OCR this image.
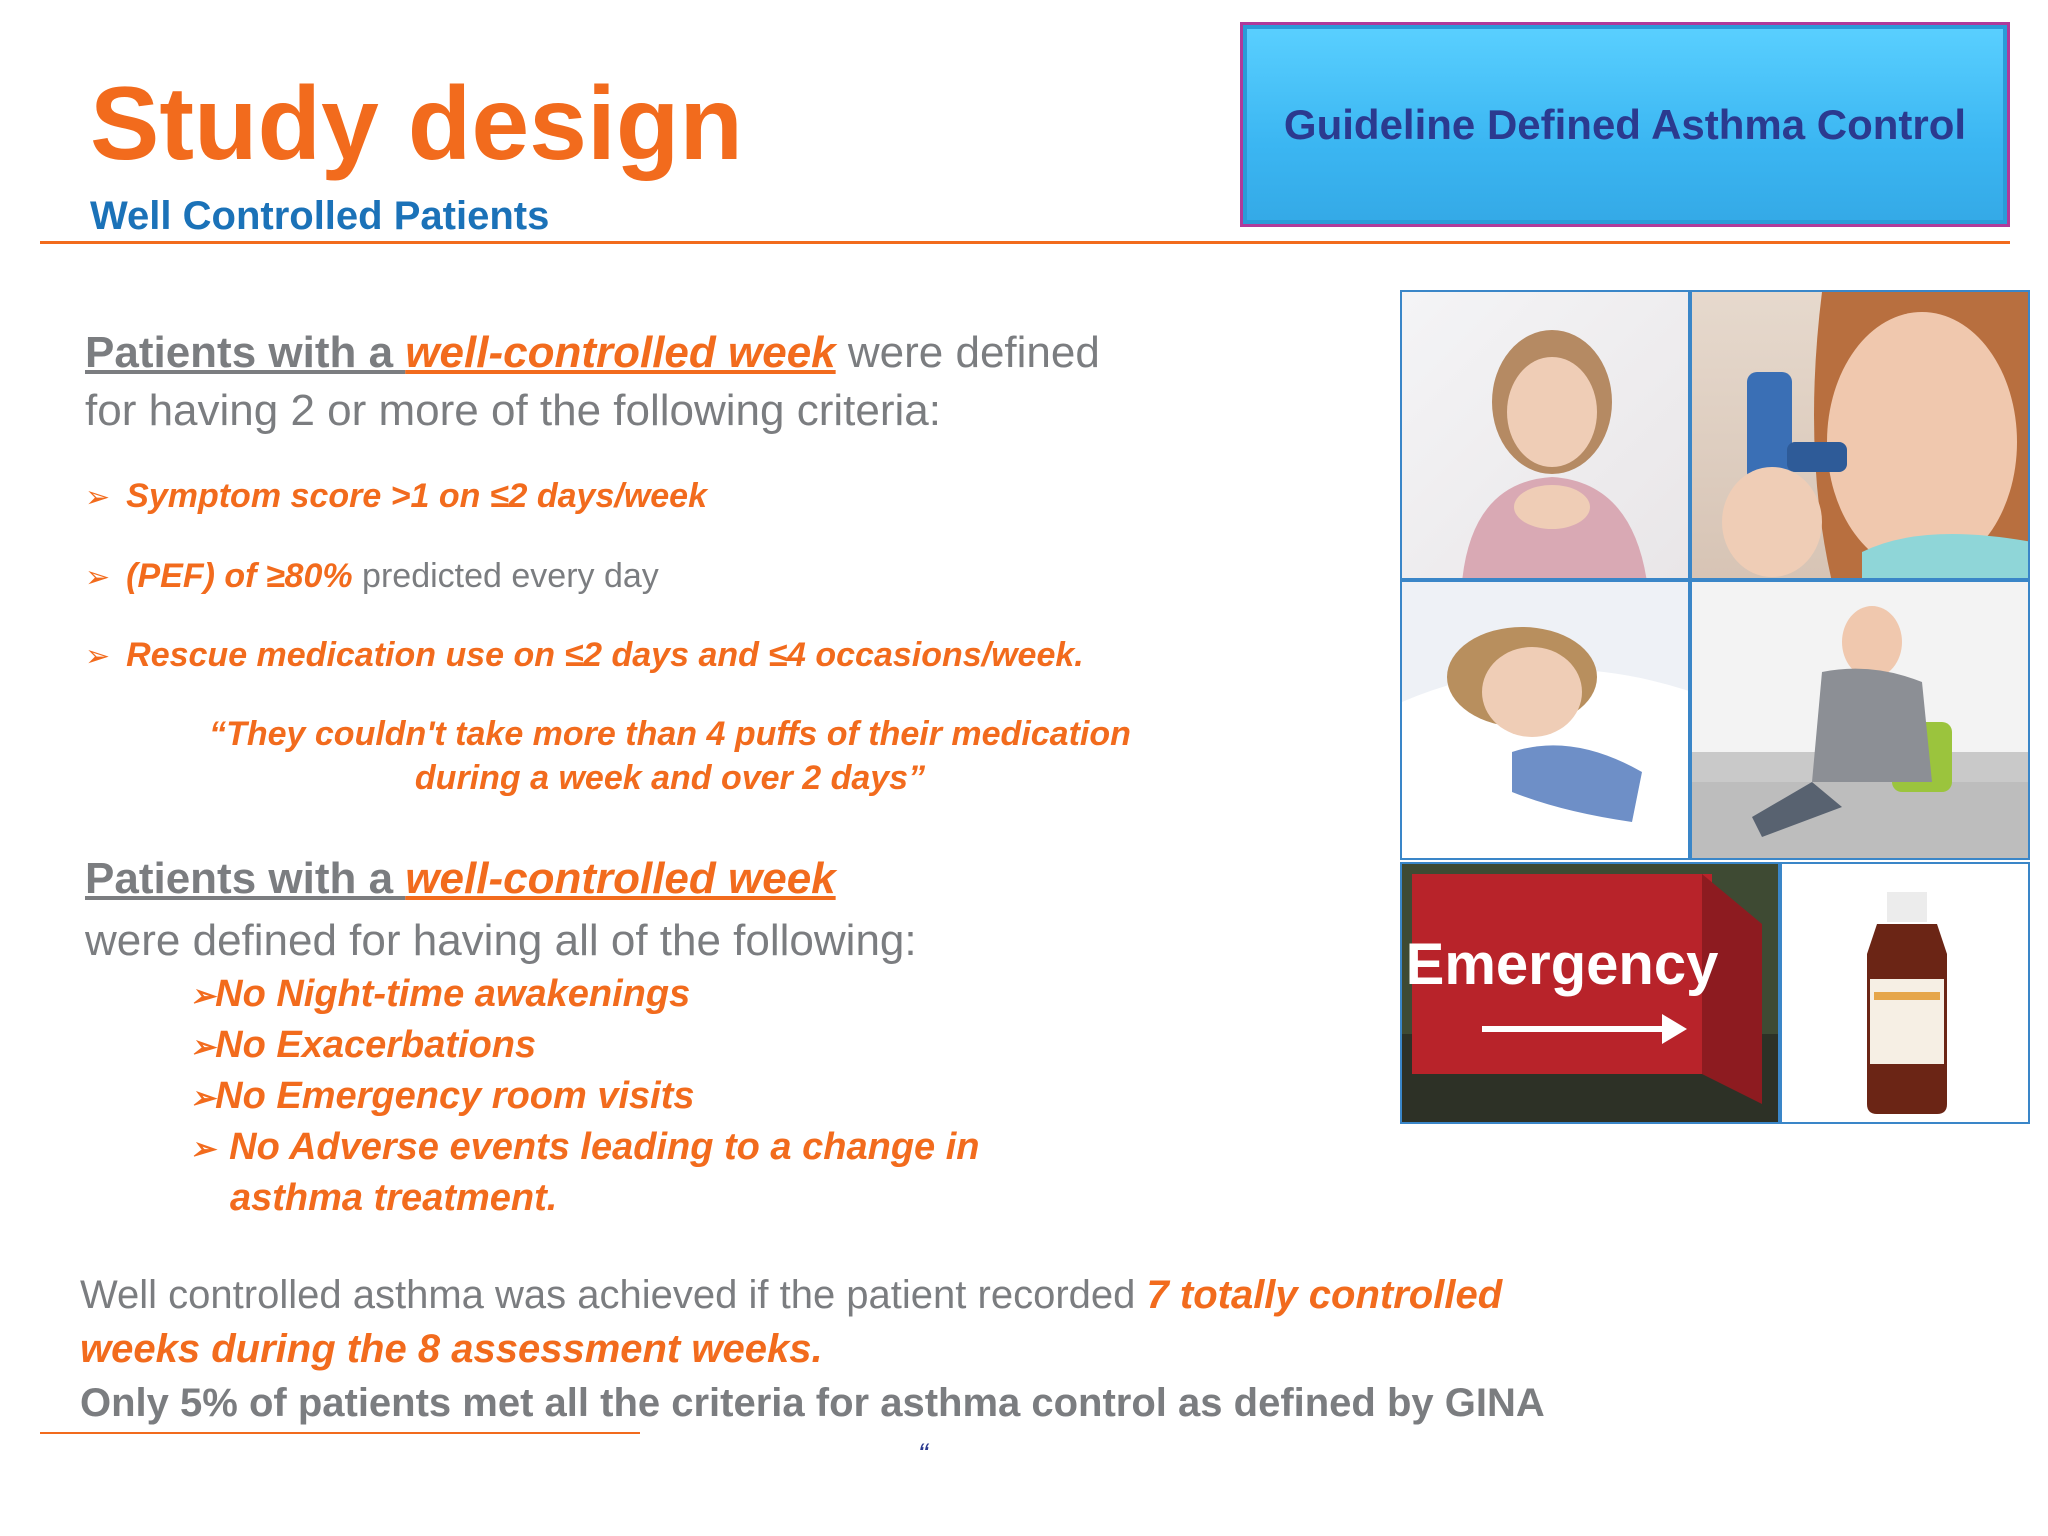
Study design
Well Controlled Patients
Guideline Defined Asthma Control
Patients with a well-controlled week were defined
for having 2 or more of the following criteria:
➢ Symptom score >1 on ≤2 days/week
➢ (PEF) of ≥80% predicted every day
➢ Rescue medication use on ≤2 days and ≤4 occasions/week.
“They couldn't take more than 4 puffs of their medication
during a week and over 2 days”
Patients with a well-controlled week
were defined for having all of the following:
➢No Night-time awakenings
➢No Exacerbations
➢No Emergency room visits
➢ No Adverse events leading to a change in
asthma treatment.
Well controlled asthma was achieved if the patient recorded 7 totally controlled
weeks during the 8 assessment weeks.
Only 5% of patients met all the criteria for asthma control as defined by GINA
“
Emergency
